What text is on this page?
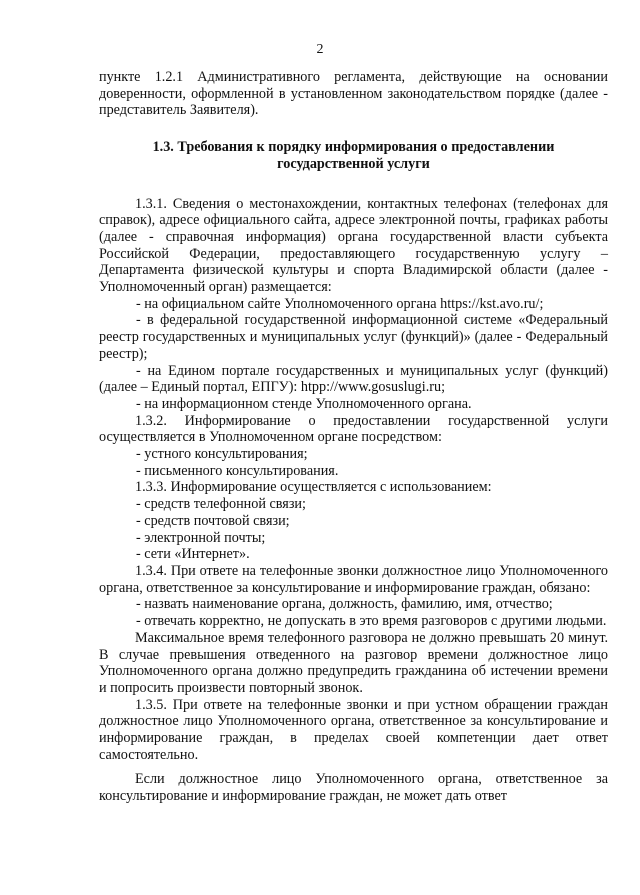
2

пункте 1.2.1 Административного регламента, действующие на основании доверенности, оформленной в установленном законодательством порядке (далее - представитель Заявителя).

1.3. Требования к порядку информирования о предоставлении
государственной услуги

1.3.1. Сведения о местонахождении, контактных телефонах (телефонах для справок), адресе официального сайта, адресе электронной почты, графиках работы (далее - справочная информация) органа государственной власти субъекта Российской Федерации, предоставляющего государственную услугу – Департамента физической культуры и спорта Владимирской области (далее - Уполномоченный орган) размещается:

- на официальном сайте Уполномоченного органа https://kst.avo.ru/;

- в федеральной государственной информационной системе «Федеральный реестр государственных и муниципальных услуг (функций)» (далее - Федеральный реестр);

- на Едином портале государственных и муниципальных услуг (функций) (далее – Единый портал, ЕПГУ): htpp://www.gosuslugi.ru;

- на информационном стенде Уполномоченного органа.

1.3.2. Информирование о предоставлении государственной услуги осуществляется в Уполномоченном органе посредством:

- устного консультирования;

- письменного консультирования.

1.3.3. Информирование осуществляется с использованием:

- средств телефонной связи;

- средств почтовой связи;

- электронной почты;

- сети «Интернет».

1.3.4. При ответе на телефонные звонки должностное лицо Уполномоченного органа, ответственное за консультирование и информирование граждан, обязано:

- назвать наименование органа, должность, фамилию, имя, отчество;

- отвечать корректно, не допускать в это время разговоров с другими людьми.

Максимальное время телефонного разговора не должно превышать 20 минут. В случае превышения отведенного на разговор времени должностное лицо Уполномоченного органа должно предупредить гражданина об истечении времени и попросить произвести повторный звонок.

1.3.5. При ответе на телефонные звонки и при устном обращении граждан должностное лицо Уполномоченного органа, ответственное за консультирование и информирование граждан, в пределах своей компетенции дает ответ самостоятельно.

Если должностное лицо Уполномоченного органа, ответственное за консультирование и информирование граждан, не может дать ответ
